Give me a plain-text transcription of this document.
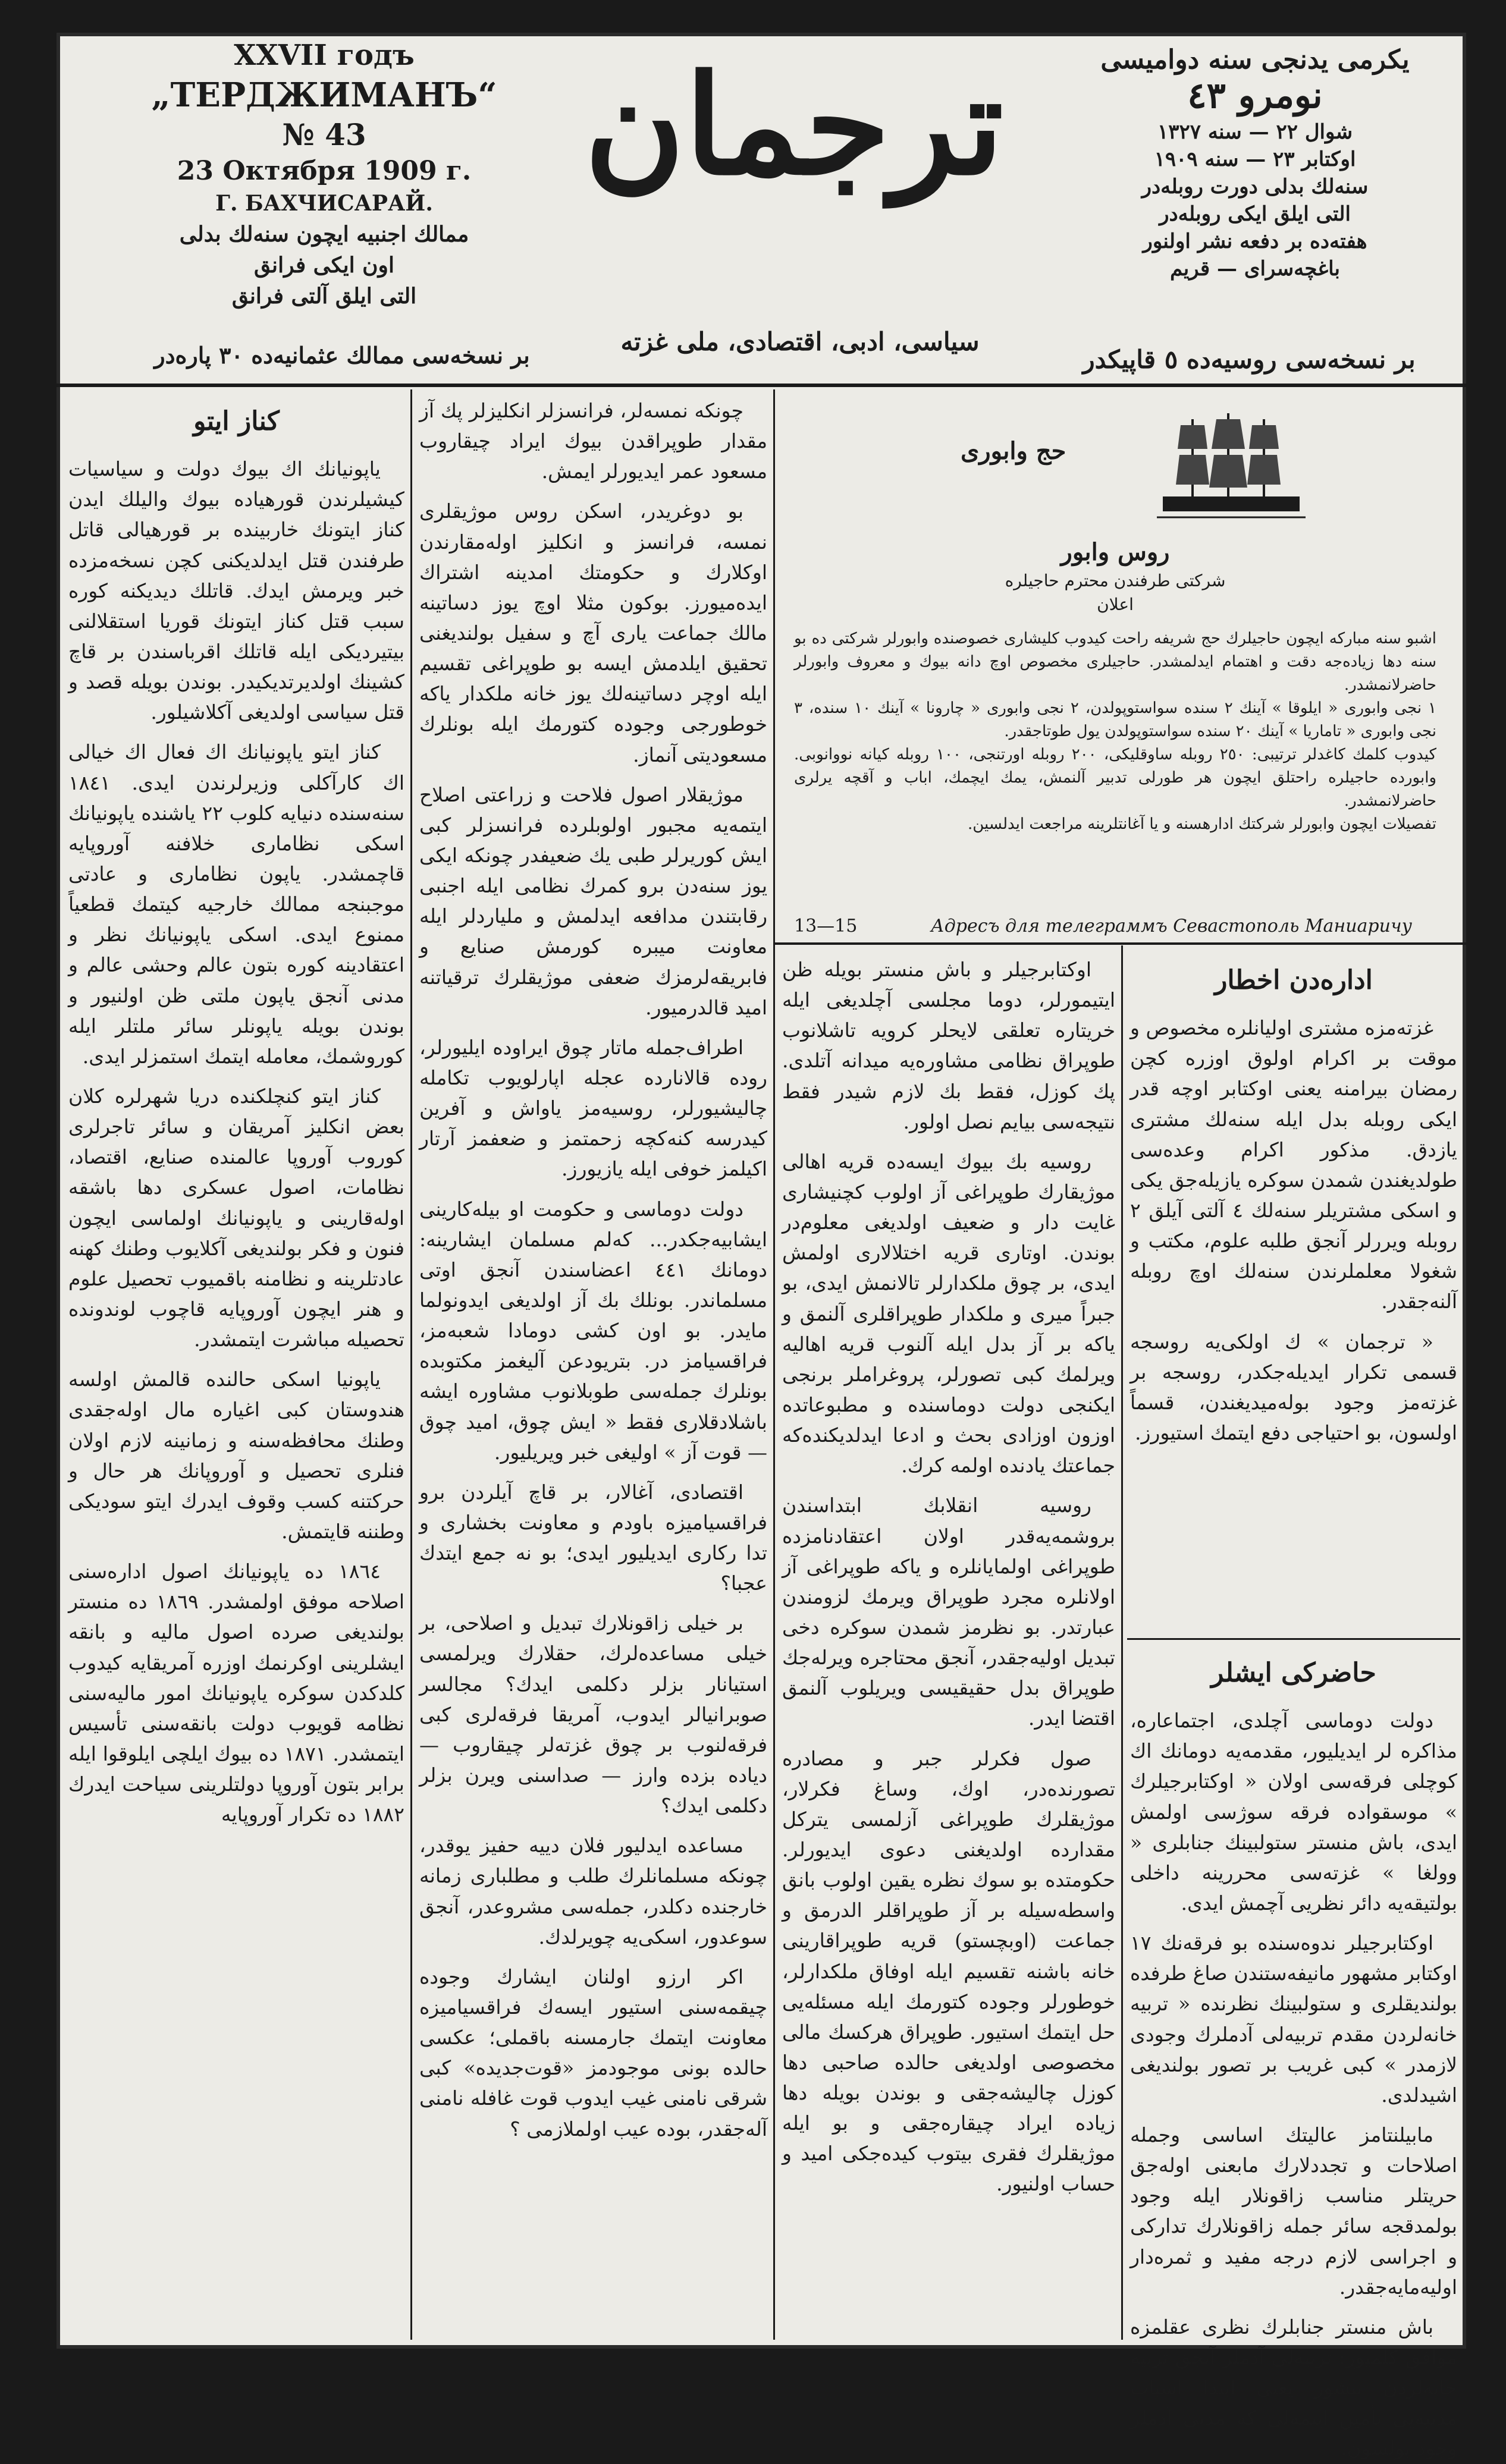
XXVII годъ
„ТЕРДЖИМАНЪ“
№ 43
23 Октября 1909 г.
Г. БАХЧИСАРАЙ.
ممالك اجنبيه ايچون سنه‌لك بدلى
اون ايكى فرانق
التى ايلق آلتى فرانق
ترجمان
سياسى، ادبى، اقتصادى، ملى غزته
يكرمى يدنجى سنه دوامیسی
نومرو ٤٣
شوال ٢٢ — سنه ١٣٢٧
اوكتابر ٢٣ — سنه ١٩٠٩
سنه‌لك بدلى دورت روبله‌در
التى ايلق ايكى روبله‌در
هفته‌ده بر دفعه نشر اولنور
باغچه‌سراى — قريم
بر نسخه‌سى ممالك عثمانيه‌ده ٣٠ پاره‌در	بر نسخه‌سى روسيه‌ده ٥ قاپيكدر
كناز ايتو

ياپونيانك اك بيوك دولت و سياسيات كيشيلرندن قورهياده بيوك واليلك ايدن كناز ايتونك خاربينده بر قورهيالى قاتل طرفندن قتل ايدلديكنى كچن نسخه‌مزده خبر ويرمش ايدك. قاتلك ديديكنه كوره سبب قتل كناز ايتونك قوريا استقلالنى بيتيرديكى ايله قاتلك اقرباسندن بر قاچ كشينك اولديرتديكيدر. بوندن بويله قصد و قتل سياسى اولديغى آكلاشيلور.

كناز ايتو ياپونيانك اك فعال اك خيالى اك كارآكلى وزيرلرندن ايدى. ١٨٤١ سنه‌سنده دنيايه كلوب ٢٢ ياشنده ياپونيانك اسكى نظامارى خلافنه آوروپايه قاچمشدر. ياپون نظامارى و عادتى موجبنجه ممالك خارجيه كيتمك قطعياً ممنوع ايدى. اسكى ياپونيانك نظر و اعتقادينه كوره بتون عالم وحشى عالم و مدنى آنجق ياپون ملتى ظن اولنيور و بوندن بويله ياپونلر سائر ملتلر ايله كوروشمك، معامله ايتمك استمزلر ايدى.

كناز ايتو كنچلكنده دريا شهرلره كلان بعض انكليز آمريقان و سائر تاجرلرى كوروب آوروپا عالمنده صنايع، اقتصاد، نظامات، اصول عسكرى دها باشقه اوله‌قارينى و ياپونيانك اولماسى ايچون فنون و فكر بولنديغى آكلايوب وطنك كهنه عادتلرينه و نظامنه باقميوب تحصيل علوم و هنر ايچون آوروپايه قاچوب لوندونده تحصيله مباشرت ايتمشدر.

ياپونيا اسكى حالنده قالمش اولسه هندوستان كبى اغياره مال اوله‌جقدى وطنك محافظه‌سنه و زمانينه لازم اولان فنلرى تحصيل و آوروپانك هر حال و حركتنه كسب وقوف ايدرك ايتو سوديكى وطننه قايتمش.

١٨٦٤ ده ياپونيانك اصول اداره‌سنى اصلاحه موفق اولمشدر. ١٨٦٩ ده منستر بولنديغى صرده اصول ماليه و بانقه ايشلرينى اوكرنمك اوزره آمريقايه كيدوب كلدكدن سوكره ياپونيانك امور ماليه‌سنى نظامه قويوب دولت بانقه‌سنى تأسيس ايتمشدر. ١٨٧١ ده بيوك ايلچى ايلوقوا ايله برابر بتون آوروپا دولتلرينى سياحت ايدرك ١٨٨٢ ده تكرار آوروپايه

چونكه نمسه‌لر، فرانسزلر انكليزلر پك آز مقدار طوپراقدن بيوك ايراد چيقاروب مسعود عمر ايديورلر ايمش.

بو دوغريدر، اسكن روس موژيقلرى نمسه، فرانسز و انكليز اوله‌مقارندن اوكلارك و حكومتك امدينه اشتراك ايده‌ميورز. بوكون مثلا اوچ يوز دساتينه مالك جماعت يارى آچ و سفيل بولنديغنى تحقيق ايلدمش ايسه بو طوپراغى تقسيم ايله اوچر دساتينه‌لك يوز خانه ملكدار ياكه خوطورجى وجوده كتورمك ايله بونلرك مسعوديتى آنماز.

موژيقلار اصول فلاحت و زراعتى اصلاح ايتمه‌يه مجبور اولوبلرده فرانسزلر كبى ايش كوريرلر طبى يك ضعيفدر چونكه ايكى يوز سنه‌دن برو كمرك نظامى ايله اجنبى رقابتندن مدافعه ايدلمش و ملياردلر ايله معاونت ميبره كورمش صنايع و فابريقه‌لرمزك ضعفى موژيقلرك ترقياتنه اميد قالدرميور.

اطراف‌جمله ماتار چوق ايراوده ايليورلر، روده قالانارده عجله اپارلويوب تكامله چاليشيورلر، روسيه‌مز ياواش و آفرين كيدرسه كنه‌كچه زحمتمز و ضعفمز آرتار اكيلمز خوفى ايله يازيورز.

دولت دوماسى و حكومت او بيله‌كارينى ايشابيه‌جكدر... كه‌لم مسلمان ايشارينه: دومانك ٤٤١ اعضاسندن آنجق اوتى مسلماندر. بونلك بك آز اولديغى ايدونولما مايدر. بو اون كشى دومادا شعبه‌مز، فراقسيامز در. بتريودعن آليغمز مكتوبده بونلرك جمله‌سى طوبلانوب مشاوره ايشه باشلادقلارى فقط « ايش چوق، اميد چوق — قوت آز » اوليغى خبر ويريليور.

اقتصادى، آغالار، بر قاچ آيلردن برو فراقسياميزه باودم و معاونت بخشارى و تدا ركارى ايديليور ايدى؛ بو نه جمع ايتدك عجبا؟

بر خيلى زاقونلارك تبديل و اصلاحى، بر خيلى مساعده‌لرك، حقلارك ويرلمسى استيانار بزلر دكلمى ايدك؟ مجالسر صوبرانيالر ايدوب، آمريقا فرقه‌لرى كبى فرقه‌لنوب بر چوق غزته‌لر چيقاروب — دياده بزده وارز — صداسنى ويرن بزلر دكلمى ايدك؟

مساعده ايدليور فلان دييه حفيز يوقدر، چونكه مسلمانلرك طلب و مطلبارى زمانه خارجنده دكلدر، جمله‌سى مشروعدر، آنجق سوعدور، اسكى‌يه چويرلدك.

اكر ارزو اولنان ايشارك وجوده چيقمه‌سنى استيور ايسه‌ك فراقسياميزه معاونت ايتمك جارمسنه باقملى؛ عكسى حالده بونى موجودمز «قوت‌جديده» كبى شرقى نامنى غيب ايدوب قوت غافله نامنى آله‌جقدر، بوده عيب اولملازمى ؟

حج وابورى
روس وابور
شركتى طرفندن محترم حاجيلره
اعلان
اشبو سنه مباركه ايچون حاجيلرك حج شريفه راحت كيدوب كليشارى خصوصنده وابورلر شركتى ده بو سنه دها زياده‌جه دقت و اهتمام ايدلمشدر. حاجيلرى مخصوص اوچ دانه بيوك و معروف وابورلر حاضرلانمشدر.
١ نجى وابورى « ايلوقا » آينك ٢ سنده سواستوپولدن، ٢ نجى وابورى « چارونا » آينك ١٠ سنده، ٣ نجى وابورى « تاماريا » آينك ٢٠ سنده سواستوپولدن يول طوتاجقدر.
كيدوب كلمك كاغدلر ترتيبى: ٢٥٠ روبله ساوقليكى، ٢٠٠ روبله اورتنجى، ١٠٠ روبله كيانه نووانوبى. وابورده حاجيلره راحتلق ايچون هر طورلى تدبير آلنمش، يمك ايچمك، اباب و آقچه يرلرى حاضرلانمشدر.
تفصيلات ايچون وابورلر شركتك ادارهسنه و يا آغانتلرينه مراجعت ايدلسين.
13—15	Адресъ для телеграммъ Севастополь Маниаричу

اوكتابرجيلر و باش منستر بويله ظن ايتيمورلر، دوما مجلسى آچلديغى ايله خريتاره تعلقى لايحلر كرويه تاشلانوب طوپراق نظامى مشاوره‌يه ميدانه آتلدى. پك كوزل، فقط بك لازم شيدر فقط نتيجه‌سى بيايم نصل اولور.

روسيه بك بيوك ايسه‌ده قريه اهالى موژيقارك طوپراغى آز اولوب كچنيشارى غايت دار و ضعيف اولديغى معلوم‌در بوندن. اوتارى قريه اختلالارى اولمش ايدى، بر چوق ملكدارلر تالانمش ايدى، بو جبراً ميرى و ملكدار طوپراقلرى آلنمق و ياكه بر آز بدل ايله آلنوب قريه اهاليه ويرلمك كبى تصورلر، پروغراملر برنجى ايكنجى دولت دوماسنده و مطبوعاتده اوزون اوزادى بحث و ادعا ايدلديكنده‌كه جماعتك يادنده اولمه كرك.

روسيه انقلابك ابتداسندن بروشمه‌يه‌قدر اولان اعتقادنامزده طوپراغى اولمايانلره و ياكه طوپراغى آز اولانلره مجرد طوپراق ويرمك لزومندن عبارتدر. بو نظرمز شمدن سوكره دخى تبديل اوليه‌جقدر، آنجق محتاجره ويرله‌جك طوپراق بدل حقيقيسى ويريلوب آلنمق اقتضا ايدر.

صول فكرلر جبر و مصادره تصورنده‌در، اوك، وساغ فكرلار، موژيقلرك طوپراغى آزلمسى يتركل مقدارده اولديغنى دعوى ايديورلر. حكومتده بو سوك نظره يقين اولوب بانق واسطه‌سيله بر آز طوپراقلر الدرمق و جماعت (اوبچستو) قريه طوپراقارينى خانه باشنه تقسيم ايله اوفاق ملكدارلر، خوطورلر وجوده كتورمك ايله مسئله‌يى حل ايتمك استيور. طوپراق هركسك مالى مخصوصى اولديغى حالده صاحبى دها كوزل چاليشه‌جقى و بوندن بويله دها زياده ايراد چيقاره‌جقى و بو ايله موژيقلرك فقرى بيتوب كيده‌جكى اميد و حساب اولنيور.

اداره‌دن اخطار

غزته‌مزه مشترى اوليانلره مخصوص و موقت بر اكرام اولوق اوزره كچن رمضان بيرامنه يعنى اوكتابر اوچه قدر ايكى روبله بدل ايله سنه‌لك مشترى يازدق. مذكور اكرام وعده‌سى طولديغندن شمدن سوكره يازيله‌جق يكى و اسكى مشتريلر سنه‌لك ٤ آلتى آيلق ٢ روبله ويررلر آنجق طلبه علوم، مكتب و شغولا معلملرندن سنه‌لك اوچ روبله آلنه‌جقدر.

« ترجمان » ك اولكى‌يه روسجه قسمى تكرار ايديله‌جكدر، روسجه بر غزته‌مز وجود بوله‌ميديغندن، قسماً اولسون، بو احتياجى دفع ايتمك استيورز.

حاضركى ايشلر

دولت دوماسى آچلدى، اجتماعاره، مذاكره لر ايديليور، مقدمه‌يه دومانك اك كوچلى فرقه‌سى اولان « اوكتابرجيلرك » موسقواده فرقه سوژسى اولمش ايدى، باش منستر ستولبينك جنابلرى « وولغا » غزته‌سى محررينه داخلى بولتيقه‌يه دائر نظريى آچمش ايدى.

اوكتابرجيلر ندوه‌سنده بو فرقه‌نك ١٧ اوكتابر مشهور مانيفه‌ستندن صاغ طرفده بولنديقلرى و ستولبينك نظرنده « تربيه خانه‌لردن مقدم تربيه‌لى آدملرك وجودى لازمدر » كبى غريب بر تصور بولنديغى اشيدلدى.

مابيلنتامز عاليتك اساسى وجمله اصلاحات و تجددلارك مابعنى اوله‌جق حريتلر مناسب زاقونلار ايله وجود بولمدقجه سائر جمله زاقونلارك تداركى و اجراسى لازم درجه مفيد و ثمره‌دار اوليه‌مايه‌جقدر.

باش منستر جنابلرك نظرى عقلمزه موافق كلميور: تربيه‌لى آدملر آنجق تربيه خانه‌لردن يتشور يعنى ابتدا اسباب مدنيه‌يى تأمين ايتمه‌لى كه مدنى آدملر وجود بولسون.
